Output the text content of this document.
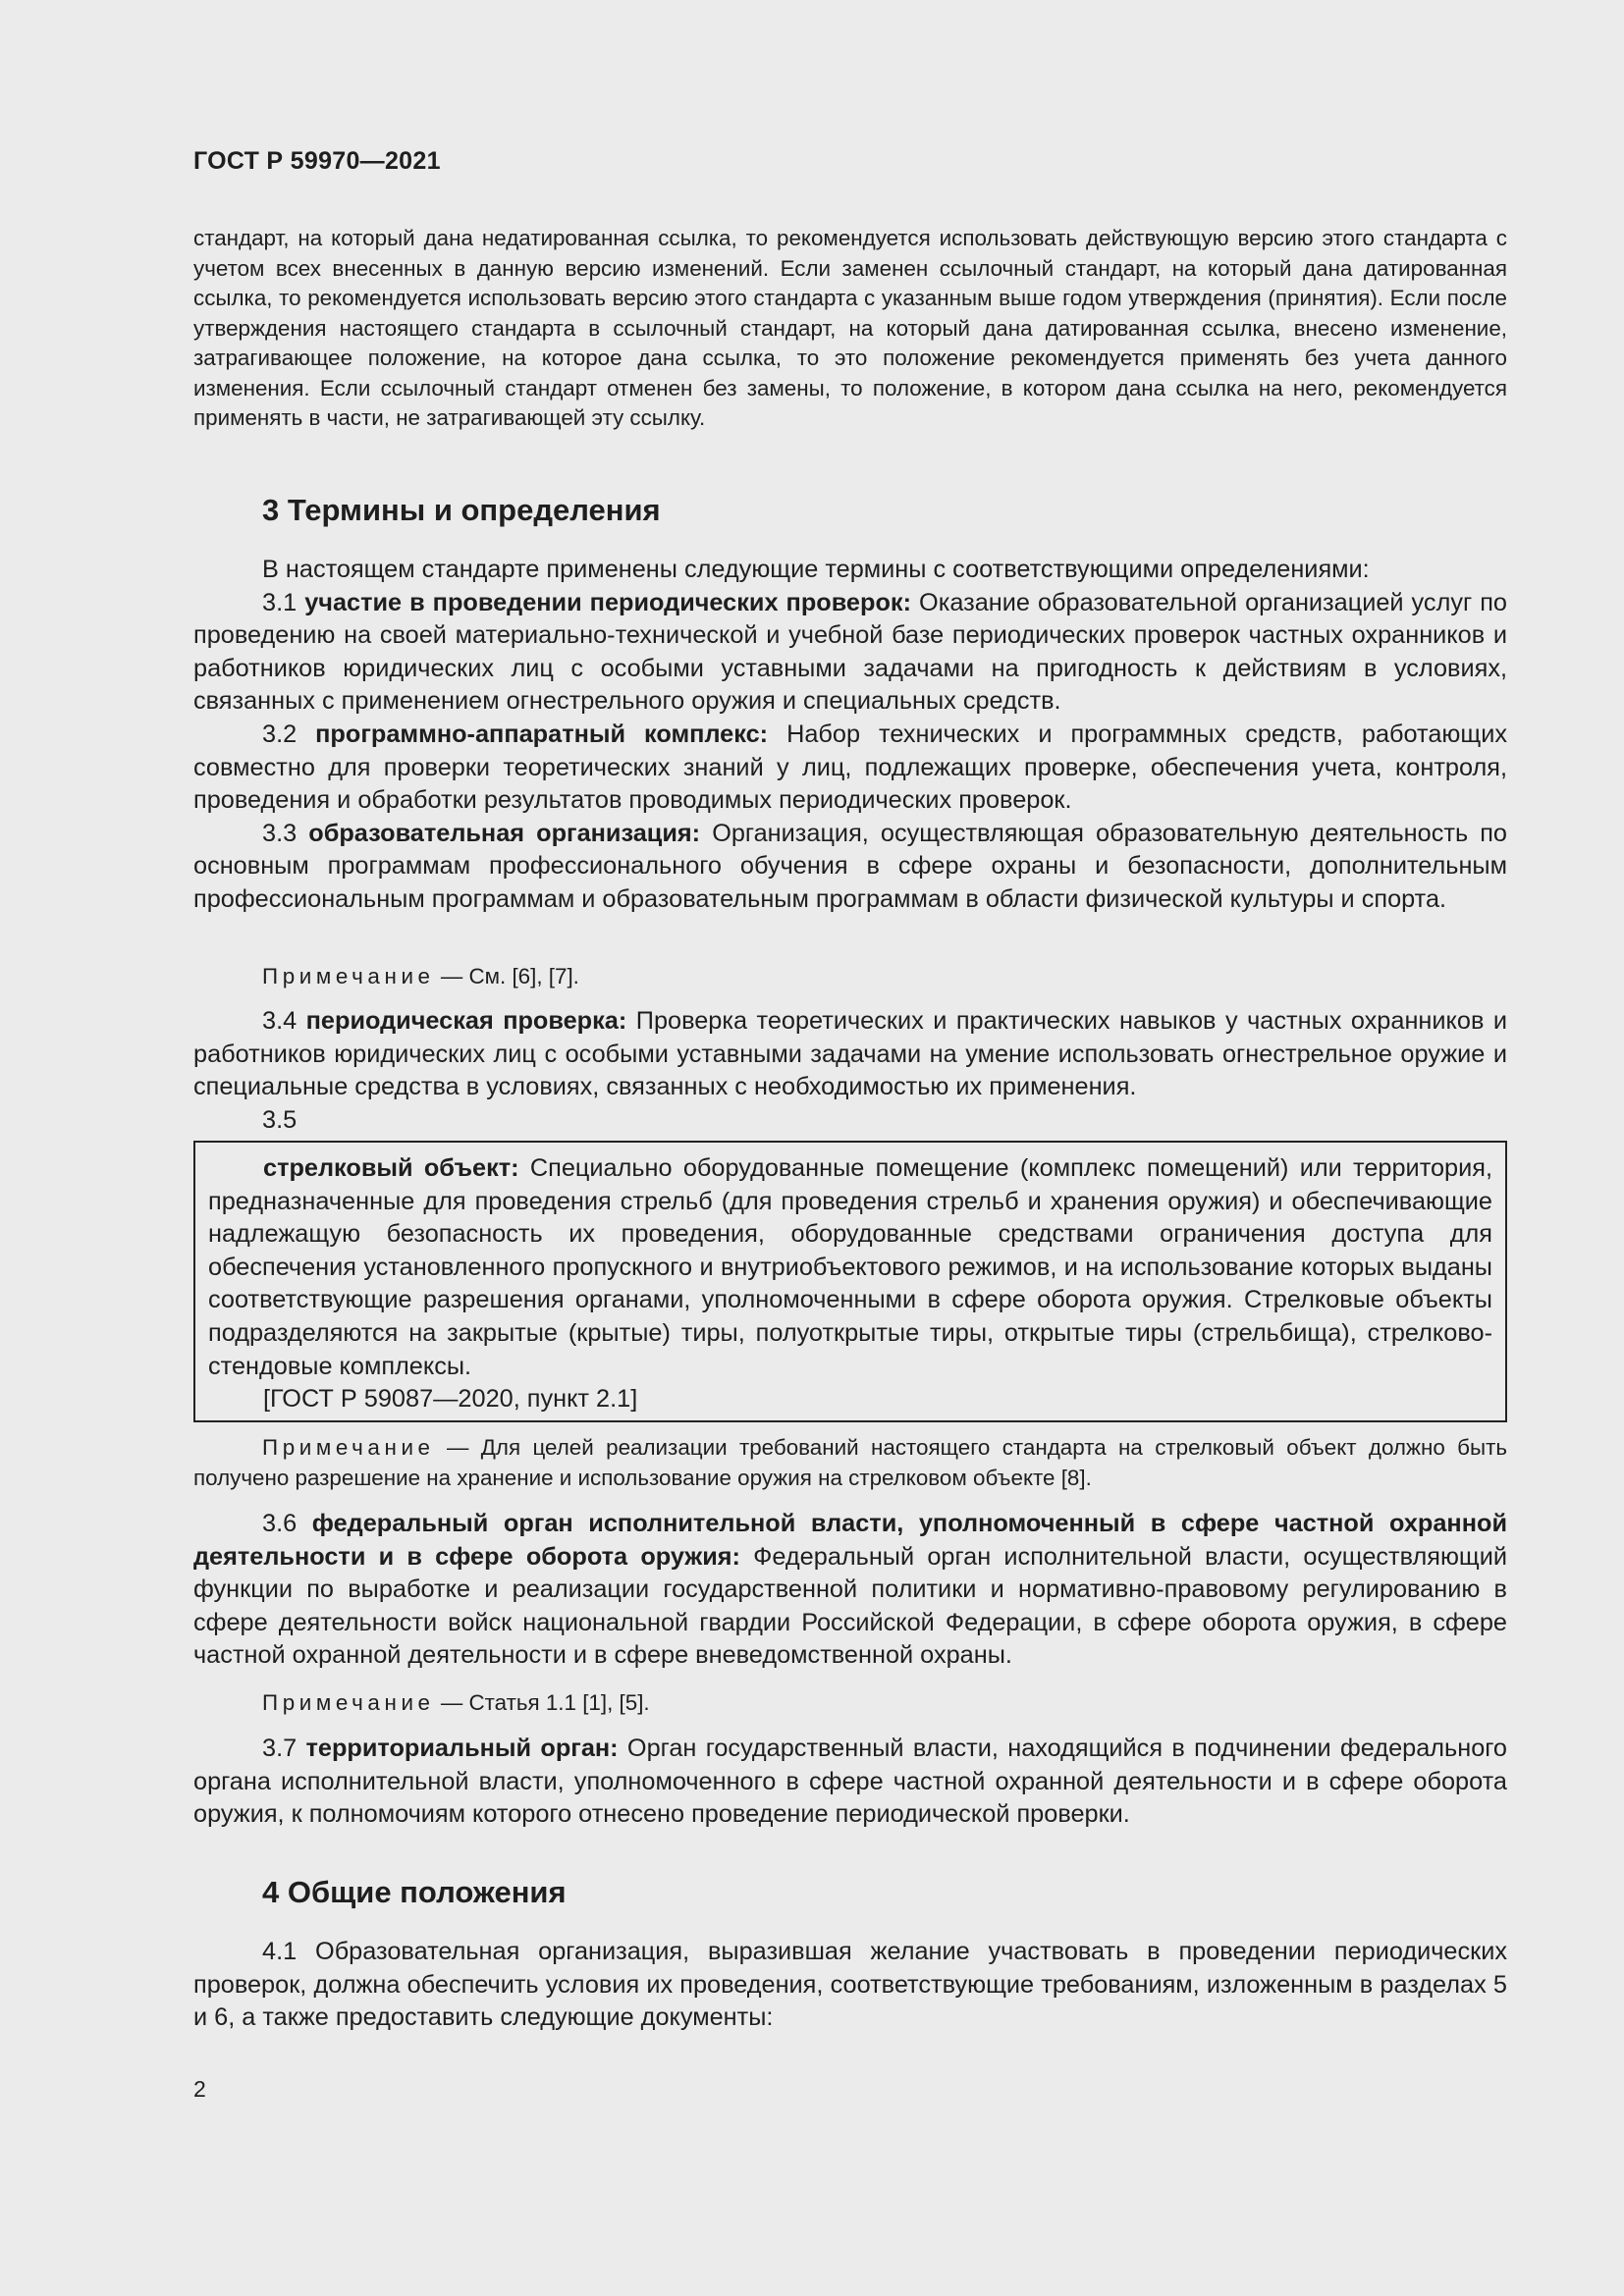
ГОСТ Р 59970—2021
стандарт, на который дана недатированная ссылка, то рекомендуется использовать действующую версию этого стандарта с учетом всех внесенных в данную версию изменений. Если заменен ссылочный стандарт, на который дана датированная ссылка, то рекомендуется использовать версию этого стандарта с указанным выше годом утверждения (принятия). Если после утверждения настоящего стандарта в ссылочный стандарт, на который дана датированная ссылка, внесено изменение, затрагивающее положение, на которое дана ссылка, то это положение рекомендуется применять без учета данного изменения. Если ссылочный стандарт отменен без замены, то положение, в котором дана ссылка на него, рекомендуется применять в части, не затрагивающей эту ссылку.
3 Термины и определения

В настоящем стандарте применены следующие термины с соответствующими определениями:

3.1 участие в проведении периодических проверок: Оказание образовательной организацией услуг по проведению на своей материально-технической и учебной базе периодических проверок частных охранников и работников юридических лиц с особыми уставными задачами на пригодность к действиям в условиях, связанных с применением огнестрельного оружия и специальных средств.

3.2 программно-аппаратный комплекс: Набор технических и программных средств, работающих совместно для проверки теоретических знаний у лиц, подлежащих проверке, обеспечения учета, контроля, проведения и обработки результатов проводимых периодических проверок.

3.3 образовательная организация: Организация, осуществляющая образовательную деятельность по основным программам профессионального обучения в сфере охраны и безопасности, дополнительным профессиональным программам и образовательным программам в области физической культуры и спорта.

Примечание — См. [6], [7].

3.4 периодическая проверка: Проверка теоретических и практических навыков у частных охранников и работников юридических лиц с особыми уставными задачами на умение использовать огнестрельное оружие и специальные средства в условиях, связанных с необходимостью их применения.

3.5

стрелковый объект: Специально оборудованные помещение (комплекс помещений) или территория, предназначенные для проведения стрельб (для проведения стрельб и хранения оружия) и обеспечивающие надлежащую безопасность их проведения, оборудованные средствами ограничения доступа для обеспечения установленного пропускного и внутриобъектового режимов, и на использование которых выданы соответствующие разрешения органами, уполномоченными в сфере оборота оружия. Стрелковые объекты подразделяются на закрытые (крытые) тиры, полуоткрытые тиры, открытые тиры (стрельбища), стрелково-стендовые комплексы.

[ГОСТ Р 59087—2020, пункт 2.1]

Примечание — Для целей реализации требований настоящего стандарта на стрелковый объект должно быть получено разрешение на хранение и использование оружия на стрелковом объекте [8].

3.6 федеральный орган исполнительной власти, уполномоченный в сфере частной охранной деятельности и в сфере оборота оружия: Федеральный орган исполнительной власти, осуществляющий функции по выработке и реализации государственной политики и нормативно-правовому регулированию в сфере деятельности войск национальной гвардии Российской Федерации, в сфере оборота оружия, в сфере частной охранной деятельности и в сфере вневедомственной охраны.

Примечание — Статья 1.1 [1], [5].

3.7 территориальный орган: Орган государственный власти, находящийся в подчинении федерального органа исполнительной власти, уполномоченного в сфере частной охранной деятельности и в сфере оборота оружия, к полномочиям которого отнесено проведение периодической проверки.

4 Общие положения

4.1 Образовательная организация, выразившая желание участвовать в проведении периодических проверок, должна обеспечить условия их проведения, соответствующие требованиям, изложенным в разделах 5 и 6, а также предоставить следующие документы:

2
